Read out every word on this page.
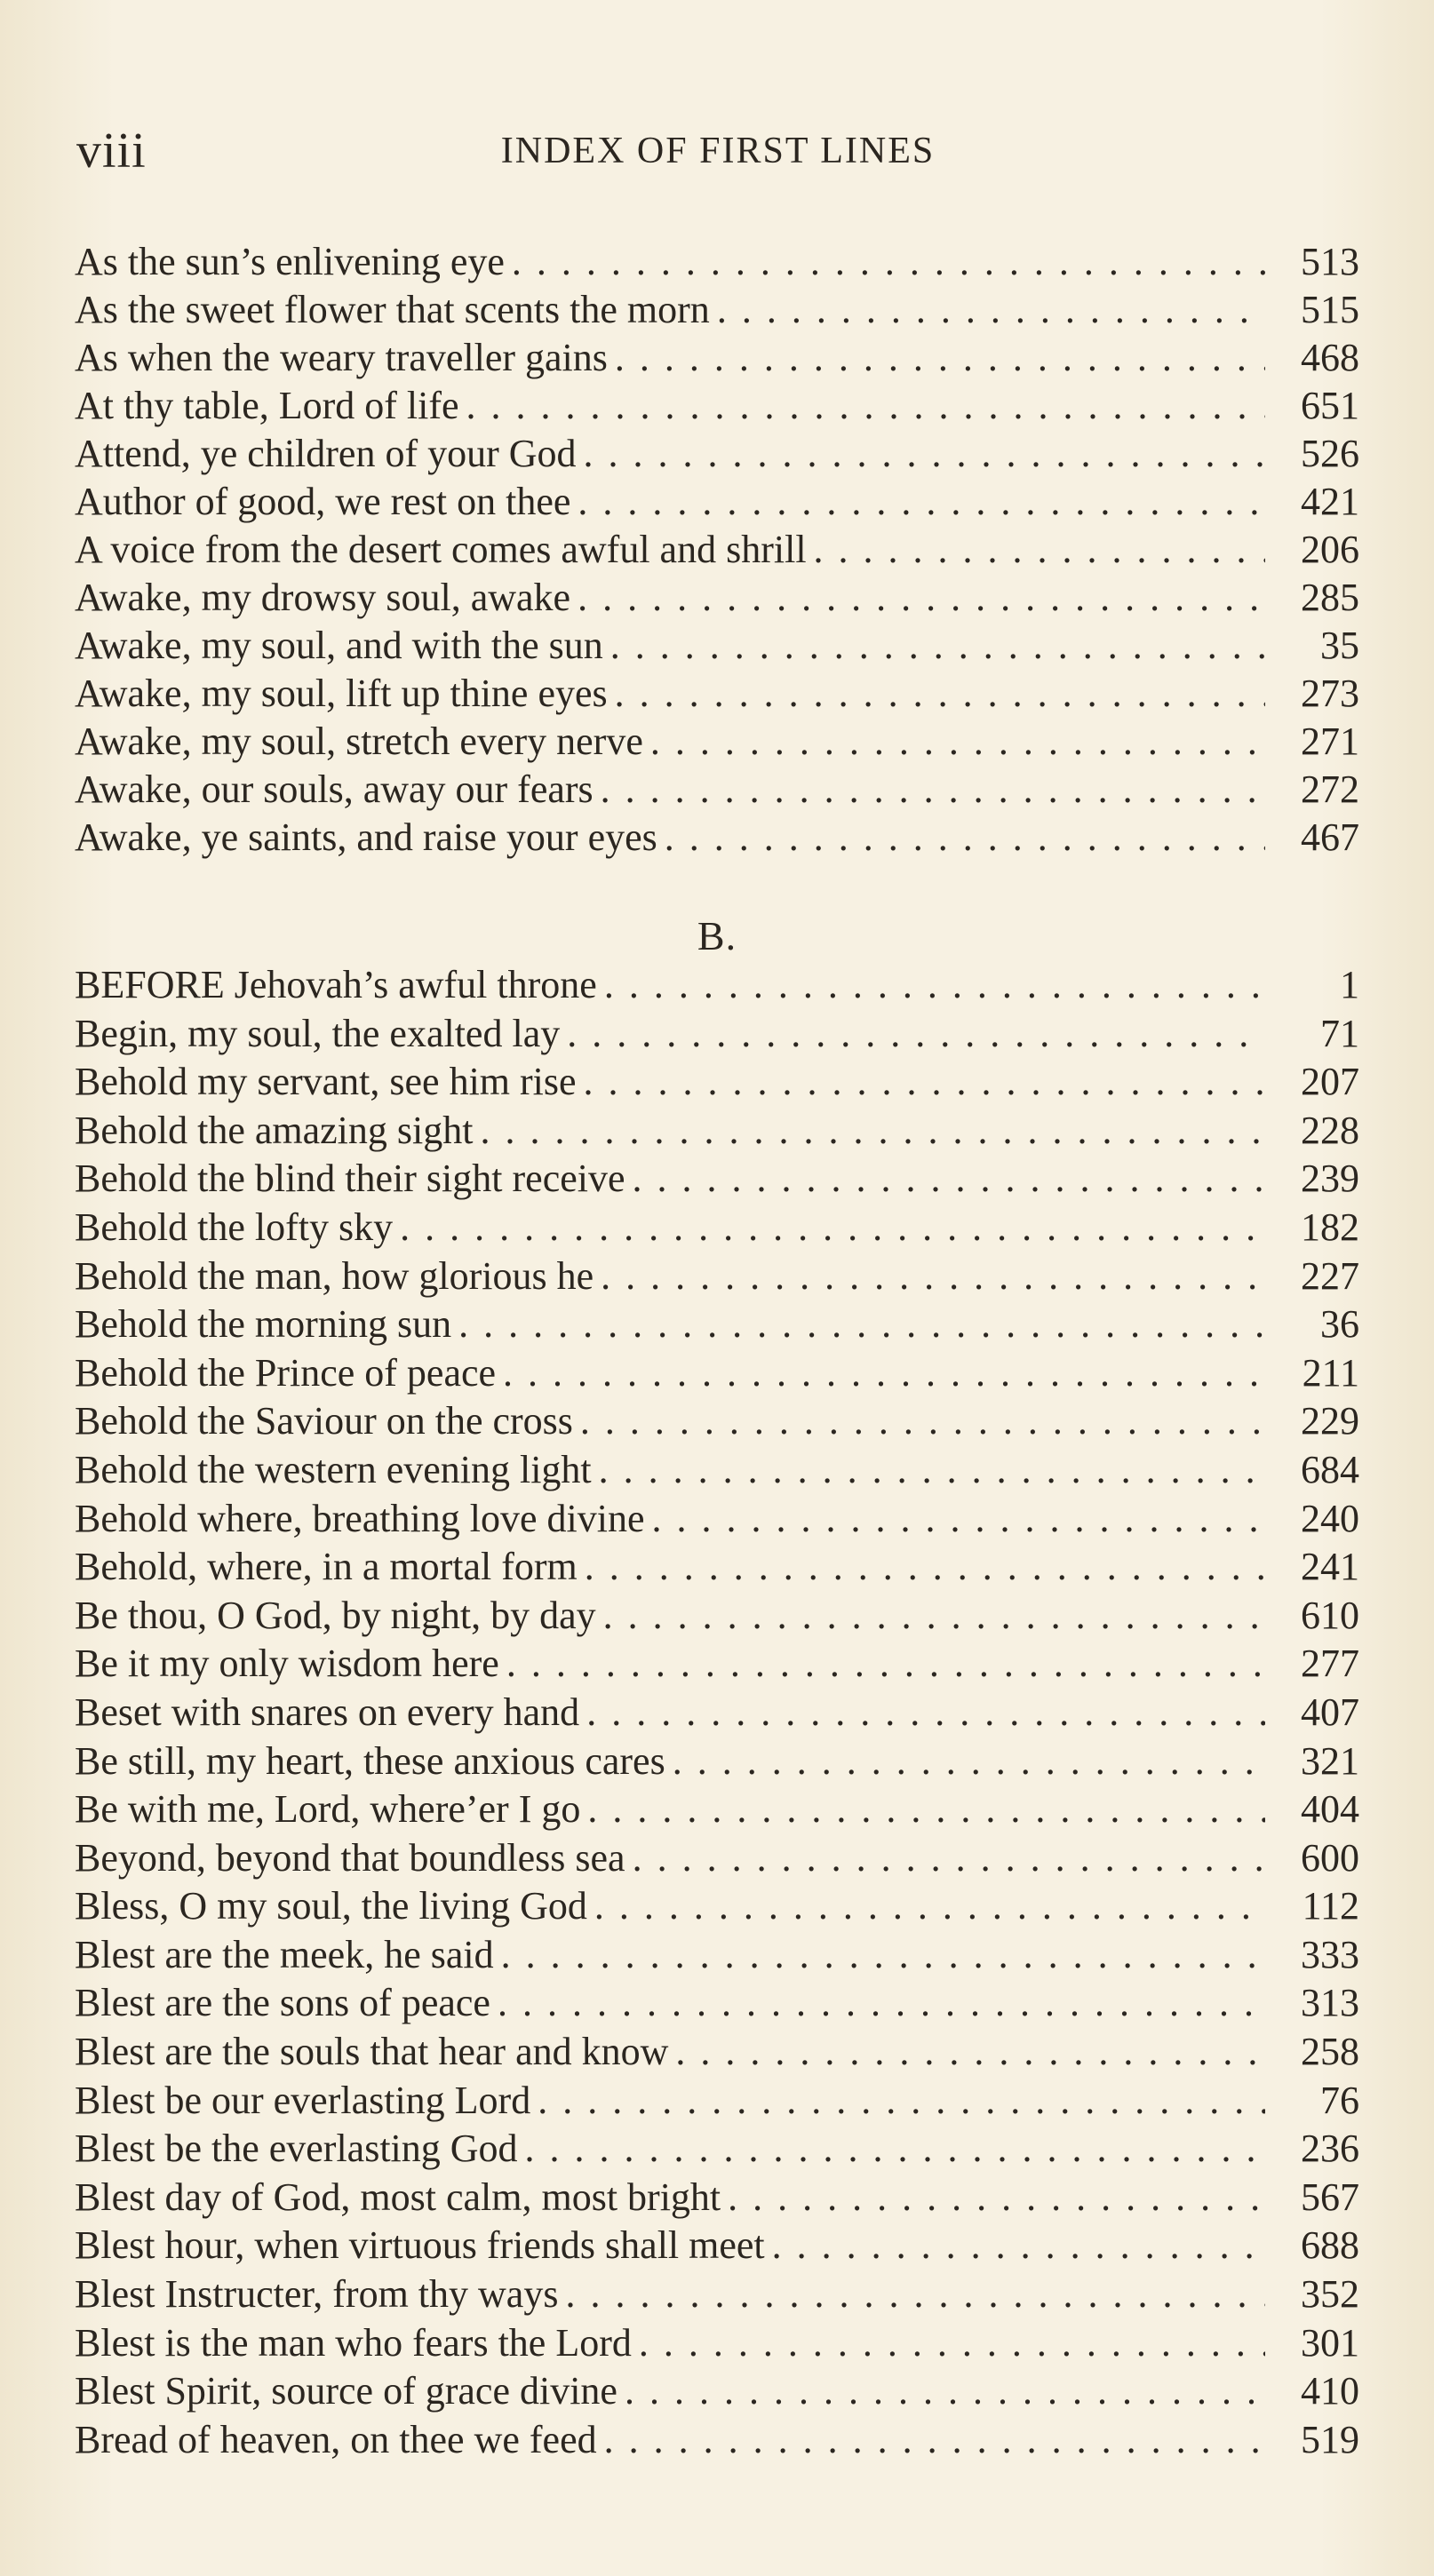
viii	INDEX OF FIRST LINES
As the sun’s enlivening eye . . .	513
As the sweet flower that scents the morn . . .	515
As when the weary traveller gains . . .	468
At thy table, Lord of life . . .	651
Attend, ye children of your God . . .	526
Author of good, we rest on thee . . .	421
A voice from the desert comes awful and shrill . . .	206
Awake, my drowsy soul, awake . . .	285
Awake, my soul, and with the sun . . .	35
Awake, my soul, lift up thine eyes . . .	273
Awake, my soul, stretch every nerve . . .	271
Awake, our souls, away our fears . . .	272
Awake, ye saints, and raise your eyes . . .	467
B.
BEFORE Jehovah’s awful throne . . .	1
Begin, my soul, the exalted lay . . .	71
Behold my servant, see him rise . . .	207
Behold the amazing sight . . .	228
Behold the blind their sight receive . . .	239
Behold the lofty sky . . .	182
Behold the man, how glorious he . . .	227
Behold the morning sun . . .	36
Behold the Prince of peace . . .	211
Behold the Saviour on the cross . . .	229
Behold the western evening light . . .	684
Behold where, breathing love divine . . .	240
Behold, where, in a mortal form . . .	241
Be thou, O God, by night, by day . . .	610
Be it my only wisdom here . . .	277
Beset with snares on every hand . . .	407
Be still, my heart, these anxious cares . . .	321
Be with me, Lord, where’er I go . . .	404
Beyond, beyond that boundless sea . . .	600
Bless, O my soul, the living God . . .	112
Blest are the meek, he said . . .	333
Blest are the sons of peace . . .	313
Blest are the souls that hear and know . . .	258
Blest be our everlasting Lord . . .	76
Blest be the everlasting God . . .	236
Blest day of God, most calm, most bright . . .	567
Blest hour, when virtuous friends shall meet . . .	688
Blest Instructer, from thy ways . . .	352
Blest is the man who fears the Lord . . .	301
Blest Spirit, source of grace divine . . .	410
Bread of heaven, on thee we feed . . .	519
